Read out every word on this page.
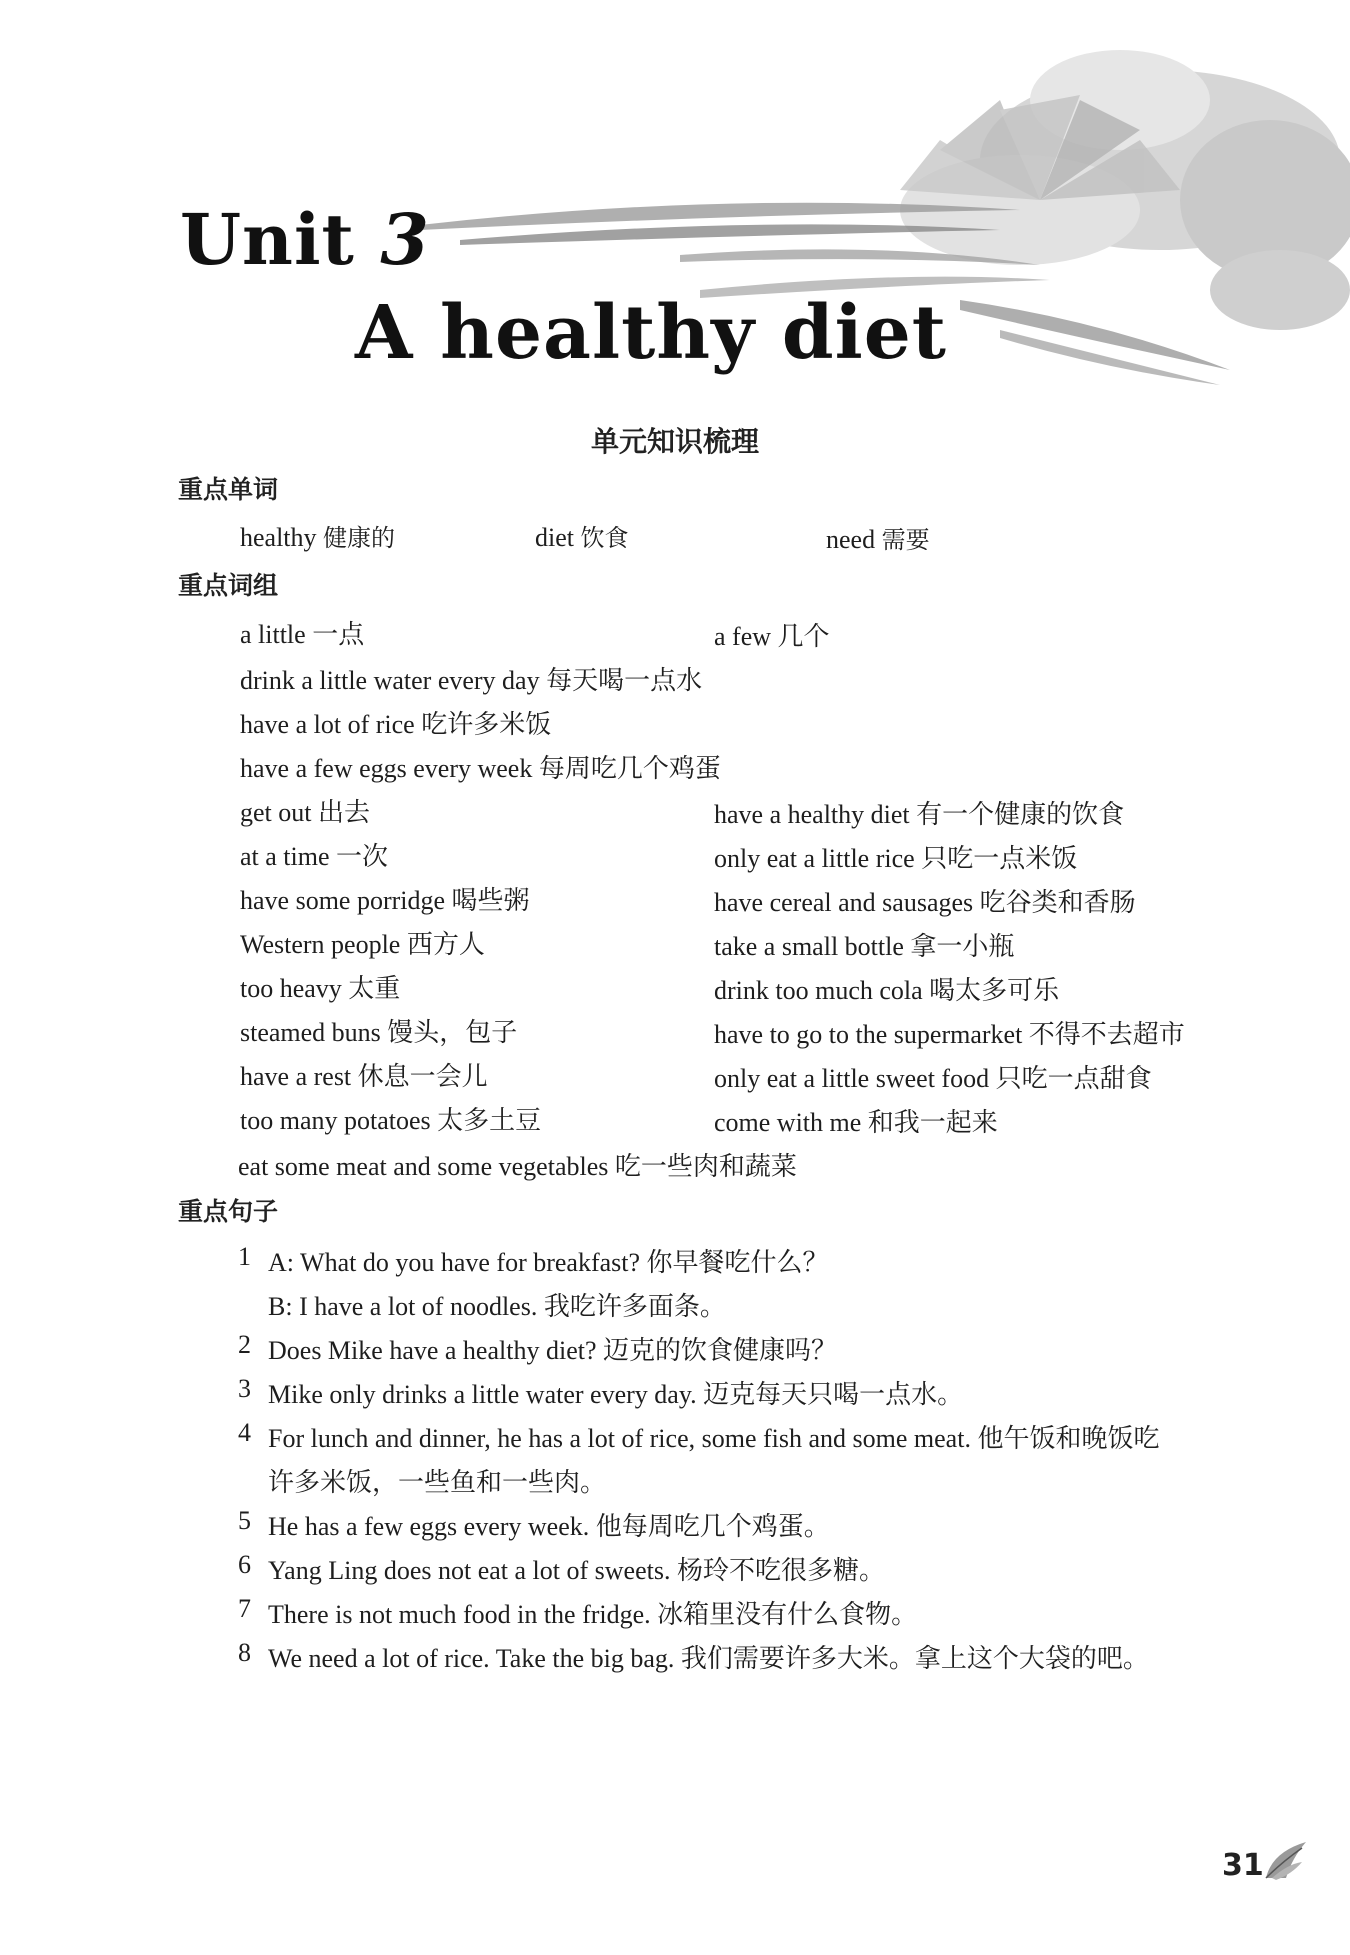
Unit 3
A healthy diet
单元知识梳理
重点单词
healthy 健康的	diet 饮食	need 需要
重点词组
a little 一点	a few 几个
drink a little water every day 每天喝一点水
have a lot of rice 吃许多米饭
have a few eggs every week 每周吃几个鸡蛋
get out 出去	have a healthy diet 有一个健康的饮食
at a time 一次	only eat a little rice 只吃一点米饭
have some porridge 喝些粥	have cereal and sausages 吃谷类和香肠
Western people 西方人	take a small bottle 拿一小瓶
too heavy 太重	drink too much cola 喝太多可乐
steamed buns 馒头，包子	have to go to the supermarket 不得不去超市
have a rest 休息一会儿	only eat a little sweet food 只吃一点甜食
too many potatoes 太多土豆	come with me 和我一起来
eat some meat and some vegetables 吃一些肉和蔬菜
重点句子
1 A: What do you have for breakfast? 你早餐吃什么？
B: I have a lot of noodles. 我吃许多面条。
2 Does Mike have a healthy diet? 迈克的饮食健康吗？
3 Mike only drinks a little water every day. 迈克每天只喝一点水。
4 For lunch and dinner, he has a lot of rice, some fish and some meat. 他午饭和晚饭吃
许多米饭，一些鱼和一些肉。
5 He has a few eggs every week. 他每周吃几个鸡蛋。
6 Yang Ling does not eat a lot of sweets. 杨玲不吃很多糖。
7 There is not much food in the fridge. 冰箱里没有什么食物。
8 We need a lot of rice. Take the big bag. 我们需要许多大米。拿上这个大袋的吧。
31
